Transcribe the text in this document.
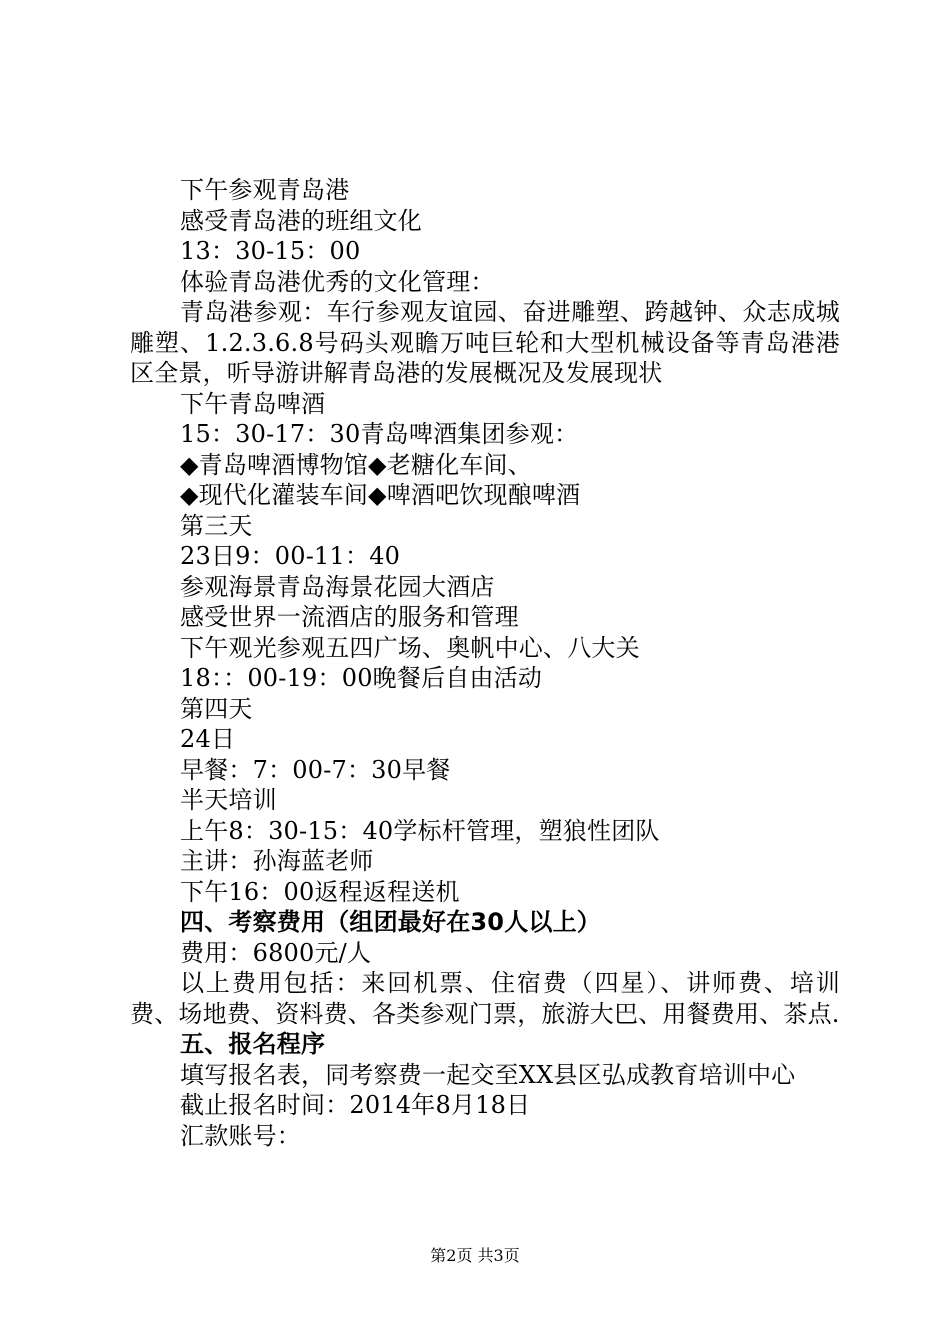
下午参观青岛港
感受青岛港的班组文化
13：30-15：00
体验青岛港优秀的文化管理：
青岛港参观：车行参观友谊园、奋进雕塑、跨越钟、众志成城雕塑、1.2.3.6.8号码头观瞻万吨巨轮和大型机械设备等青岛港港区全景，听导游讲解青岛港的发展概况及发展现状
下午青岛啤酒
15：30-17：30青岛啤酒集团参观：
◆青岛啤酒博物馆◆老糖化车间、
◆现代化灌装车间◆啤酒吧饮现酿啤酒
第三天
23日9：00-11：40
参观海景青岛海景花园大酒店
感受世界一流酒店的服务和管理
下午观光参观五四广场、奥帆中心、八大关
18：：00-19：00晚餐后自由活动
第四天
24日
早餐：7：00-7：30早餐
半天培训
上午8：30-15：40学标杆管理，塑狼性团队
主讲：孙海蓝老师
下午16：00返程返程送机
四、考察费用（组团最好在30人以上）
费用：6800元/人
以上费用包括：来回机票、住宿费（四星）、讲师费、培训费、场地费、资料费、各类参观门票，旅游大巴、用餐费用、茶点.
五、报名程序
填写报名表，同考察费一起交至XX县区弘成教育培训中心
截止报名时间：2014年8月18日
汇款账号：
第2页 共3页
